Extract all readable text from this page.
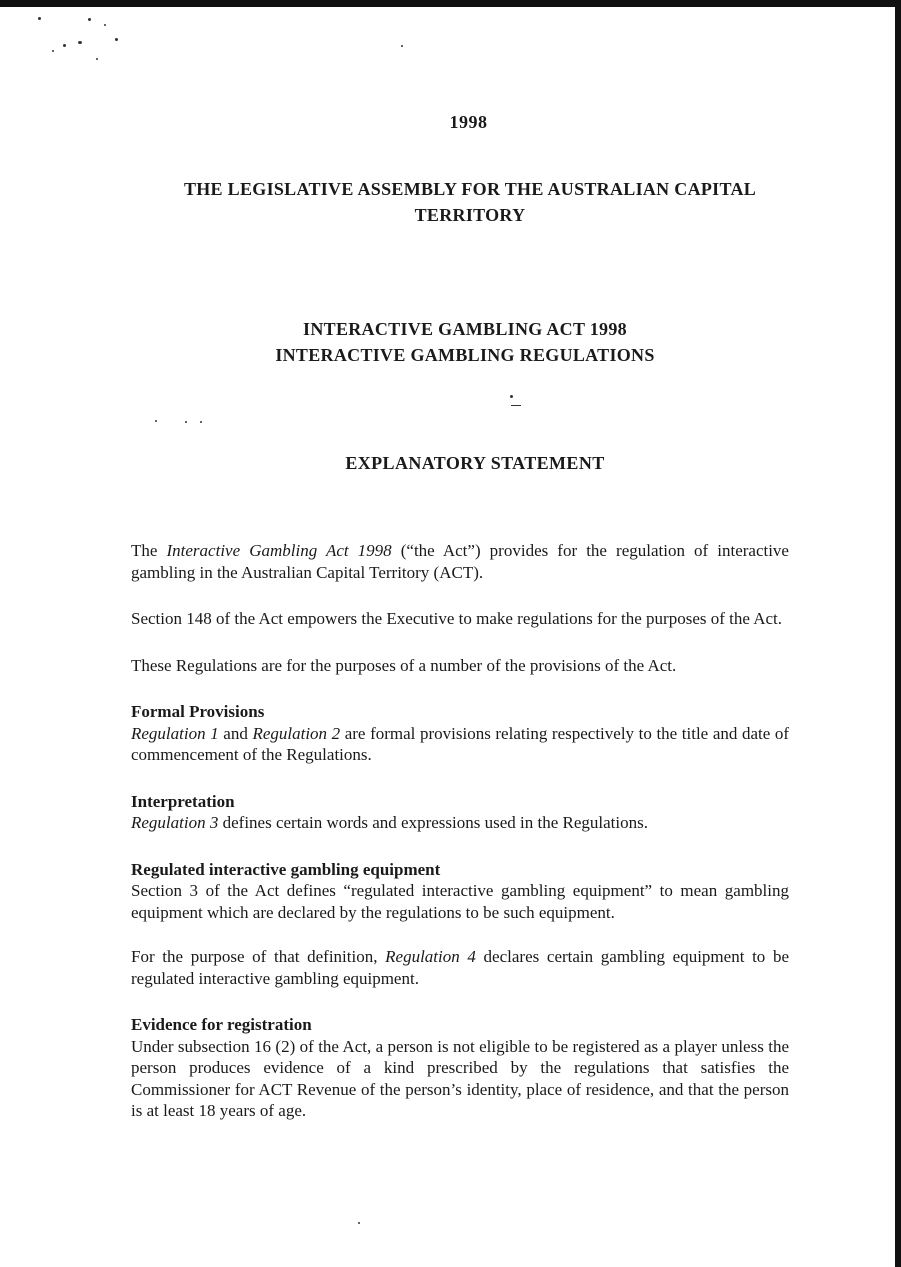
1998
THE LEGISLATIVE ASSEMBLY FOR THE AUSTRALIAN CAPITAL TERRITORY
INTERACTIVE GAMBLING ACT 1998
INTERACTIVE GAMBLING REGULATIONS
EXPLANATORY STATEMENT

The Interactive Gambling Act 1998 (“the Act”) provides for the regulation of interactive gambling in the Australian Capital Territory (ACT).

Section 148 of the Act empowers the Executive to make regulations for the purposes of the Act.

These Regulations are for the purposes of a number of the provisions of the Act.

Formal Provisions

Regulation 1 and Regulation 2 are formal provisions relating respectively to the title and date of commencement of the Regulations.

Interpretation

Regulation 3 defines certain words and expressions used in the Regulations.

Regulated interactive gambling equipment

Section 3 of the Act defines “regulated interactive gambling equipment” to mean gambling equipment which are declared by the regulations to be such equipment.

For the purpose of that definition, Regulation 4 declares certain gambling equipment to be regulated interactive gambling equipment.

Evidence for registration

Under subsection 16 (2) of the Act, a person is not eligible to be registered as a player unless the person produces evidence of a kind prescribed by the regulations that satisfies the Commissioner for ACT Revenue of the person’s identity, place of residence, and that the person is at least 18 years of age.
